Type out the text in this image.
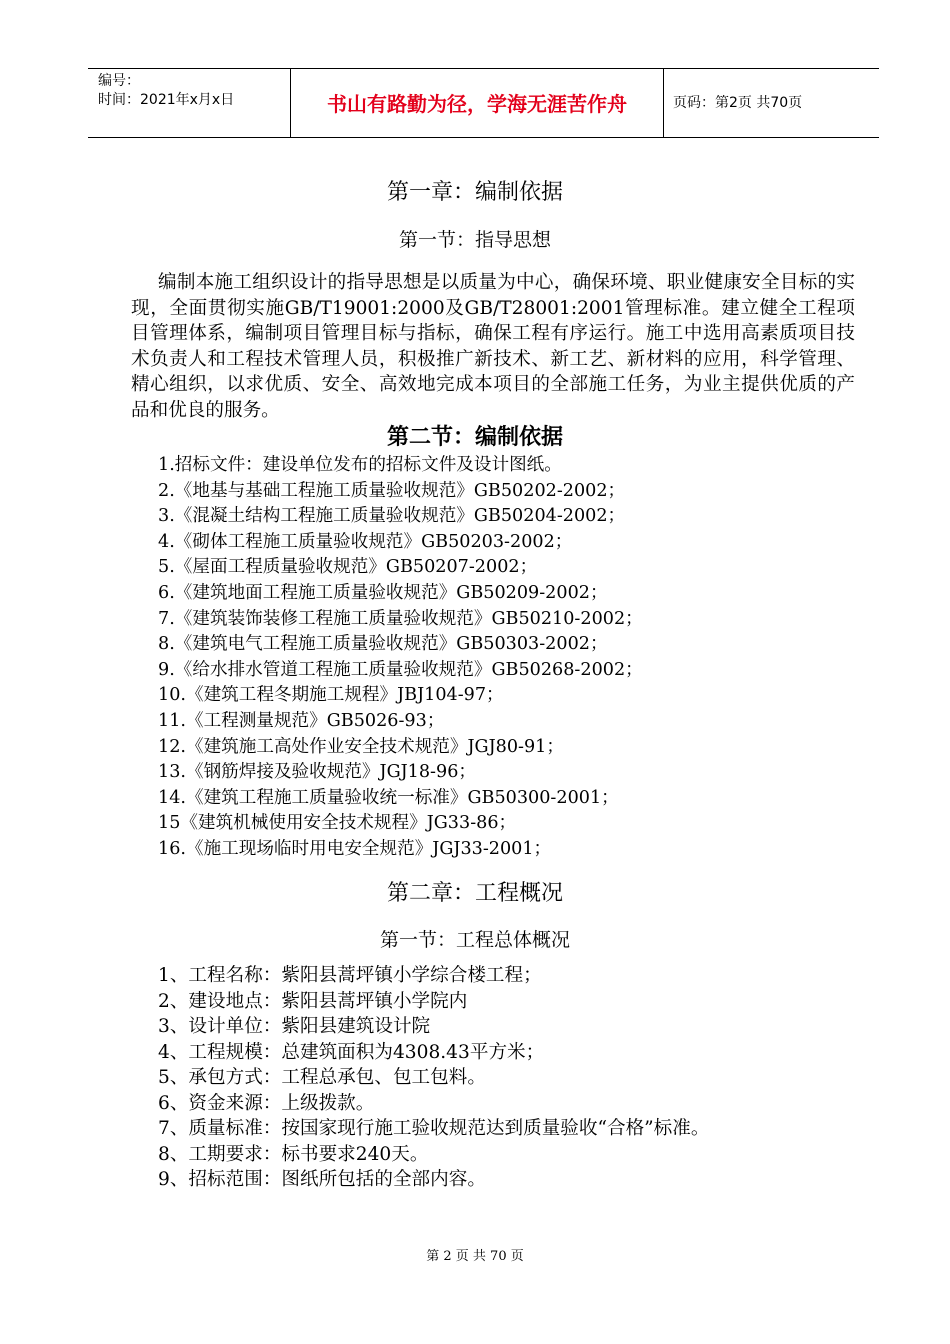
编号：
时间：2021年x月x日	书山有路勤为径，学海无涯苦作舟	页码：第2页 共70页
第一章：编制依据
第一节：指导思想

编制本施工组织设计的指导思想是以质量为中心，确保环境、职业健康安全目标的实现，全面贯彻实施GB/T19001:2000及GB/T28001:2001管理标准。建立健全工程项目管理体系，编制项目管理目标与指标，确保工程有序运行。施工中选用高素质项目技术负责人和工程技术管理人员，积极推广新技术、新工艺、新材料的应用，科学管理、精心组织，以求优质、安全、高效地完成本项目的全部施工任务，为业主提供优质的产品和优良的服务。

第二节：编制依据
1.招标文件：建设单位发布的招标文件及设计图纸。
2.《地基与基础工程施工质量验收规范》GB50202-2002；
3.《混凝土结构工程施工质量验收规范》GB50204-2002；
4.《砌体工程施工质量验收规范》GB50203-2002；
5.《屋面工程质量验收规范》GB50207-2002；
6.《建筑地面工程施工质量验收规范》GB50209-2002；
7.《建筑装饰装修工程施工质量验收规范》GB50210-2002；
8.《建筑电气工程施工质量验收规范》GB50303-2002；
9.《给水排水管道工程施工质量验收规范》GB50268-2002；
10.《建筑工程冬期施工规程》JBJ104-97；
11.《工程测量规范》GB5026-93；
12.《建筑施工高处作业安全技术规范》JGJ80-91；
13.《钢筋焊接及验收规范》JGJ18-96；
14.《建筑工程施工质量验收统一标准》GB50300-2001；
15《建筑机械使用安全技术规程》JG33-86；
16.《施工现场临时用电安全规范》JGJ33-2001；
第二章：工程概况
第一节：工程总体概况
1、工程名称：紫阳县蒿坪镇小学综合楼工程；
2、建设地点：紫阳县蒿坪镇小学院内
3、设计单位：紫阳县建筑设计院
4、工程规模：总建筑面积为4308.43平方米；
5、承包方式：工程总承包、包工包料。
6、资金来源：上级拨款。
7、质量标准：按国家现行施工验收规范达到质量验收“合格”标准。
8、工期要求：标书要求240天。
9、招标范围：图纸所包括的全部内容。
第 2 页 共 70 页
